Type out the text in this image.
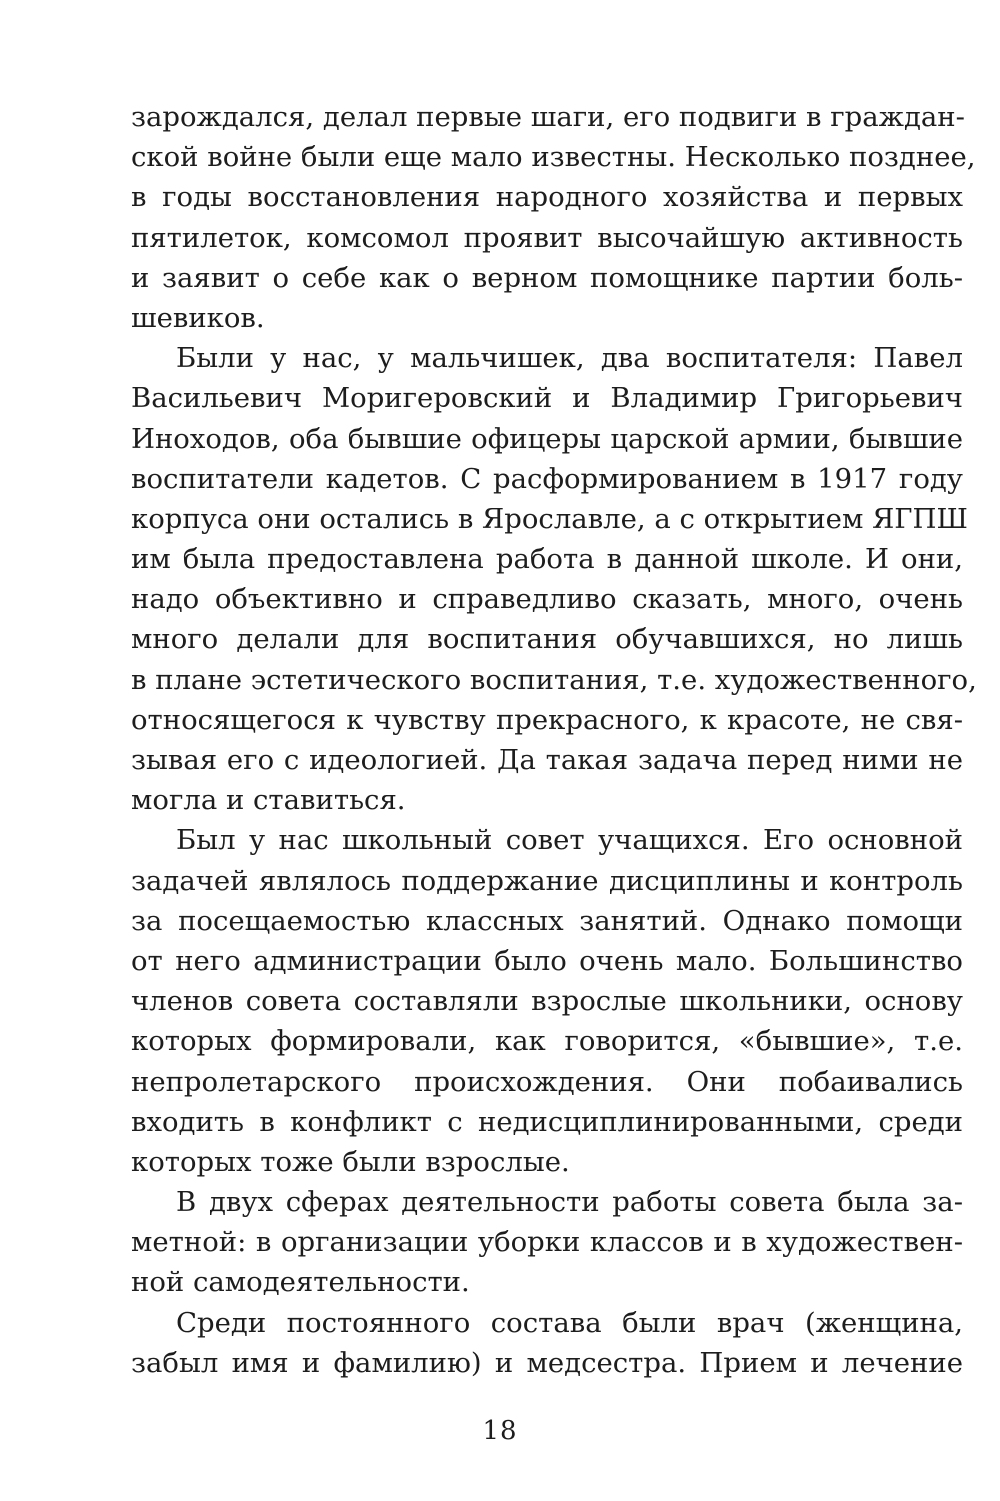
зарождался, делал первые шаги, его подвиги в граждан-
ской войне были еще мало известны. Несколько позднее,
в годы восстановления народного хозяйства и первых
пятилеток, комсомол проявит высочайшую активность
и заявит о себе как о верном помощнике партии боль-
шевиков.
Были у нас, у мальчишек, два воспитателя: Павел
Васильевич Моригеровский и Владимир Григорьевич
Иноходов, оба бывшие офицеры царской армии, бывшие
воспитатели кадетов. С расформированием в 1917 году
корпуса они остались в Ярославле, а с открытием ЯГПШ
им была предоставлена работа в данной школе. И они,
надо объективно и справедливо сказать, много, очень
много делали для воспитания обучавшихся, но лишь
в плане эстетического воспитания, т.е. художественного,
относящегося к чувству прекрасного, к красоте, не свя-
зывая его с идеологией. Да такая задача перед ними не
могла и ставиться.
Был у нас школьный совет учащихся. Его основной
задачей являлось поддержание дисциплины и контроль
за посещаемостью классных занятий. Однако помощи
от него администрации было очень мало. Большинство
членов совета составляли взрослые школьники, основу
которых формировали, как говорится, «бывшие», т.е.
непролетарского происхождения. Они побаивались
входить в конфликт с недисциплинированными, среди
которых тоже были взрослые.
В двух сферах деятельности работы совета была за-
метной: в организации уборки классов и в художествен-
ной самодеятельности.
Среди постоянного состава были врач (женщина,
забыл имя и фамилию) и медсестра. Прием и лечение
18
